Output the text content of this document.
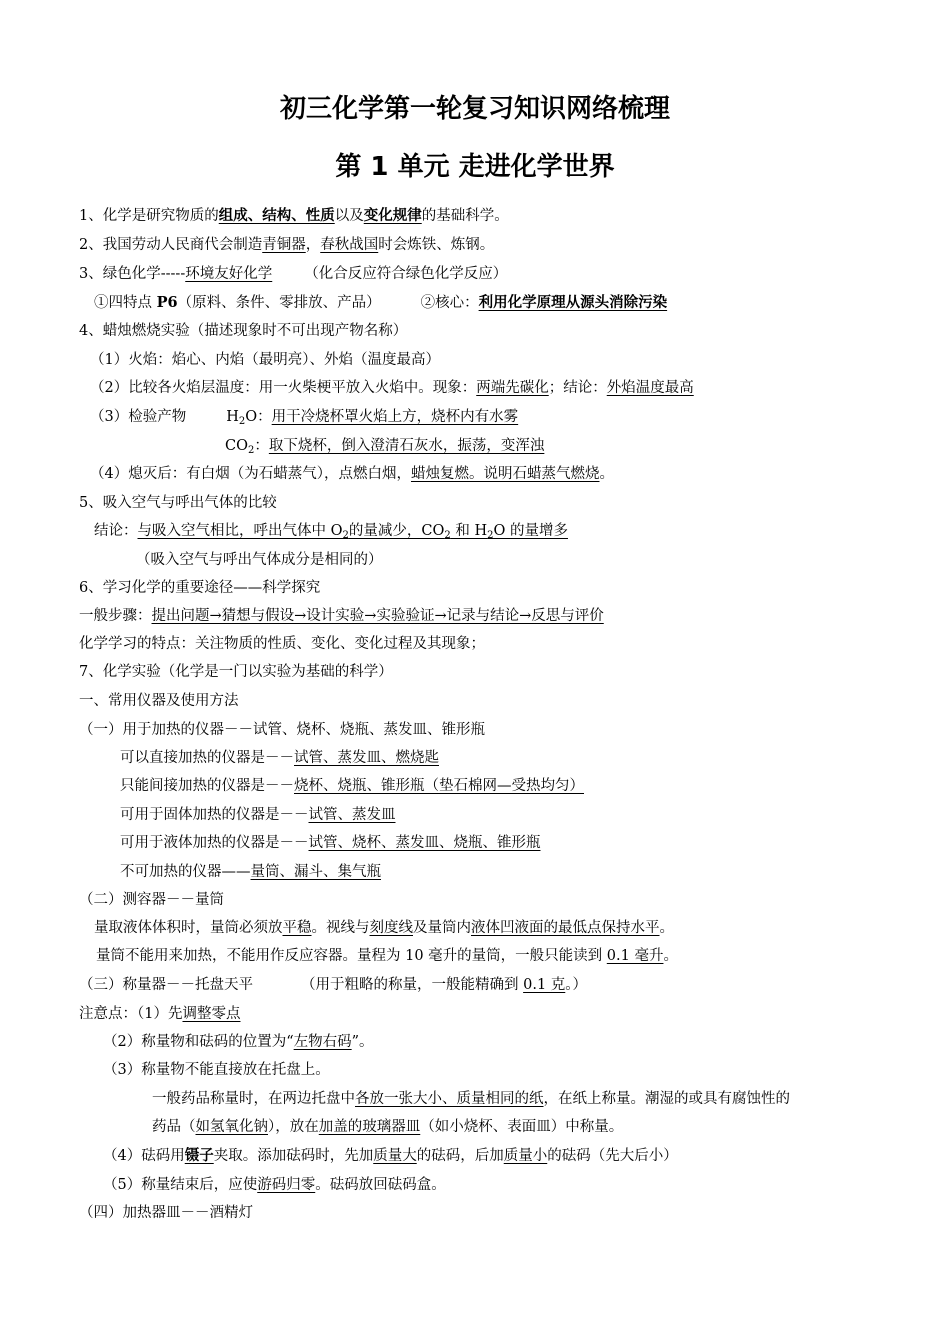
初三化学第一轮复习知识网络梳理
第 1 单元 走进化学世界
1、化学是研究物质的组成、结构、性质以及变化规律的基础科学。
2、我国劳动人民商代会制造青铜器，春秋战国时会炼铁、炼钢。
3、绿色化学-----环境友好化学 （化合反应符合绿色化学反应）
①四特点 P6（原料、条件、零排放、产品）	②核心：利用化学原理从源头消除污染
4、蜡烛燃烧实验（描述现象时不可出现产物名称）
（1）火焰：焰心、内焰（最明亮）、外焰（温度最高）
（2）比较各火焰层温度：用一火柴梗平放入火焰中。现象：两端先碳化；结论：外焰温度最高
（3）检验产物	$H_2O$：用干冷烧杯罩火焰上方，烧杯内有水雾
$CO_2$：取下烧杯，倒入澄清石灰水，振荡，变浑浊
（4）熄灭后：有白烟（为石蜡蒸气），点燃白烟，蜡烛复燃。说明石蜡蒸气燃烧。
5、吸入空气与呼出气体的比较
结论：与吸入空气相比，呼出气体中 $O_2$的量减少，$CO_2$ 和 $H_2O$ 的量增多
（吸入空气与呼出气体成分是相同的）
6、学习化学的重要途径——科学探究
一般步骤：提出问题→猜想与假设→设计实验→实验验证→记录与结论→反思与评价
化学学习的特点：关注物质的性质、变化、变化过程及其现象；
7、化学实验（化学是一门以实验为基础的科学）
一、常用仪器及使用方法
（一）用于加热的仪器－－试管、烧杯、烧瓶、蒸发皿、锥形瓶
可以直接加热的仪器是－－试管、蒸发皿、燃烧匙
只能间接加热的仪器是－－烧杯、烧瓶、锥形瓶（垫石棉网—受热均匀）
可用于固体加热的仪器是－－试管、蒸发皿
可用于液体加热的仪器是－－试管、烧杯、蒸发皿、烧瓶、锥形瓶
不可加热的仪器——量筒、漏斗、集气瓶
（二）测容器－－量筒
量取液体体积时，量筒必须放平稳。视线与刻度线及量筒内液体凹液面的最低点保持水平。
量筒不能用来加热，不能用作反应容器。量程为 10 毫升的量筒，一般只能读到 0.1 毫升。
（三）称量器－－托盘天平	（用于粗略的称量，一般能精确到 0.1 克。）
注意点：（1）先调整零点
（2）称量物和砝码的位置为“左物右码”。
（3）称量物不能直接放在托盘上。
一般药品称量时，在两边托盘中各放一张大小、质量相同的纸，在纸上称量。潮湿的或具有腐蚀性的
药品（如氢氧化钠），放在加盖的玻璃器皿（如小烧杯、表面皿）中称量。
（4）砝码用镊子夹取。添加砝码时，先加质量大的砝码，后加质量小的砝码（先大后小）
（5）称量结束后，应使游码归零。砝码放回砝码盒。
（四）加热器皿－－酒精灯
